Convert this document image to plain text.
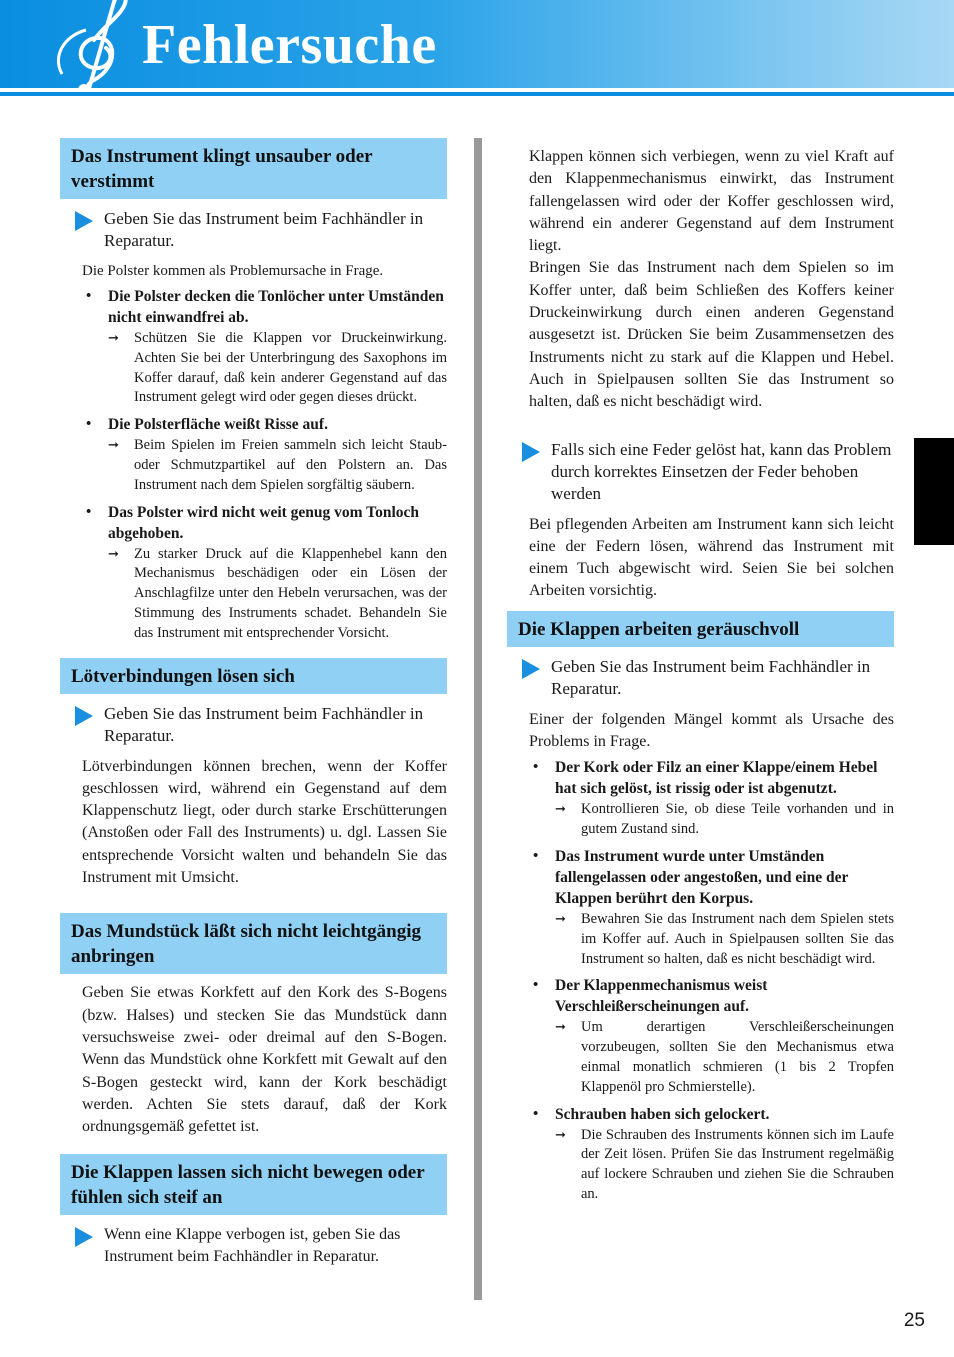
Fehlersuche
25
Das Instrument klingt unsauber oder verstimmt
Geben Sie das Instrument beim Fachhändler in Reparatur.
Die Polster kommen als Problemursache in Frage.
• Die Polster decken die Tonlöcher unter Umständen nicht einwandfrei ab.
➞ Schützen Sie die Klappen vor Druckeinwirkung. Achten Sie bei der Unterbringung des Saxophons im Koffer darauf, daß kein anderer Gegenstand auf das Instrument gelegt wird oder gegen dieses drückt.
• Die Polsterfläche weißt Risse auf.
➞ Beim Spielen im Freien sammeln sich leicht Staub- oder Schmutzpartikel auf den Polstern an. Das Instrument nach dem Spielen sorgfältig säubern.
• Das Polster wird nicht weit genug vom Tonloch abgehoben.
➞ Zu starker Druck auf die Klappenhebel kann den Mechanismus beschädigen oder ein Lösen der Anschlagfilze unter den Hebeln verursachen, was der Stimmung des Instruments schadet. Behandeln Sie das Instrument mit entsprechender Vorsicht.
Lötverbindungen lösen sich
Geben Sie das Instrument beim Fachhändler in Reparatur.
Lötverbindungen können brechen, wenn der Koffer geschlossen wird, während ein Gegenstand auf dem Klappenschutz liegt, oder durch starke Erschütterungen (Anstoßen oder Fall des Instruments) u. dgl. Lassen Sie entsprechende Vorsicht walten und behandeln Sie das Instrument mit Umsicht.
Das Mundstück läßt sich nicht leichtgängig anbringen
Geben Sie etwas Korkfett auf den Kork des S-Bogens (bzw. Halses) und stecken Sie das Mundstück dann versuchsweise zwei- oder dreimal auf den S-Bogen. Wenn das Mundstück ohne Korkfett mit Gewalt auf den S-Bogen gesteckt wird, kann der Kork beschädigt werden. Achten Sie stets darauf, daß der Kork ordnungsgemäß gefettet ist.
Die Klappen lassen sich nicht bewegen oder fühlen sich steif an
Wenn eine Klappe verbogen ist, geben Sie das Instrument beim Fachhändler in Reparatur.
Klappen können sich verbiegen, wenn zu viel Kraft auf den Klappenmechanismus einwirkt, das Instrument fallengelassen wird oder der Koffer geschlossen wird, während ein anderer Gegenstand auf dem Instrument liegt.
Bringen Sie das Instrument nach dem Spielen so im Koffer unter, daß beim Schließen des Koffers keiner Druckeinwirkung durch einen anderen Gegenstand ausgesetzt ist. Drücken Sie beim Zusammensetzen des Instruments nicht zu stark auf die Klappen und Hebel. Auch in Spielpausen sollten Sie das Instrument so halten, daß es nicht beschädigt wird.
Falls sich eine Feder gelöst hat, kann das Problem durch korrektes Einsetzen der Feder behoben werden
Bei pflegenden Arbeiten am Instrument kann sich leicht eine der Federn lösen, während das Instrument mit einem Tuch abgewischt wird. Seien Sie bei solchen Arbeiten vorsichtig.
Die Klappen arbeiten geräuschvoll
Geben Sie das Instrument beim Fachhändler in Reparatur.
Einer der folgenden Mängel kommt als Ursache des Problems in Frage.
• Der Kork oder Filz an einer Klappe/einem Hebel hat sich gelöst, ist rissig oder ist abgenutzt.
➞ Kontrollieren Sie, ob diese Teile vorhanden und in gutem Zustand sind.
• Das Instrument wurde unter Umständen fallengelassen oder angestoßen, und eine der Klappen berührt den Korpus.
➞ Bewahren Sie das Instrument nach dem Spielen stets im Koffer auf. Auch in Spielpausen sollten Sie das Instrument so halten, daß es nicht beschädigt wird.
• Der Klappenmechanismus weist Verschleißerscheinungen auf.
➞ Um derartigen Verschleißerscheinungen vorzubeugen, sollten Sie den Mechanismus etwa einmal monatlich schmieren (1 bis 2 Tropfen Klappenöl pro Schmierstelle).
• Schrauben haben sich gelockert.
➞ Die Schrauben des Instruments können sich im Laufe der Zeit lösen. Prüfen Sie das Instrument regelmäßig auf lockere Schrauben und ziehen Sie die Schrauben an.
